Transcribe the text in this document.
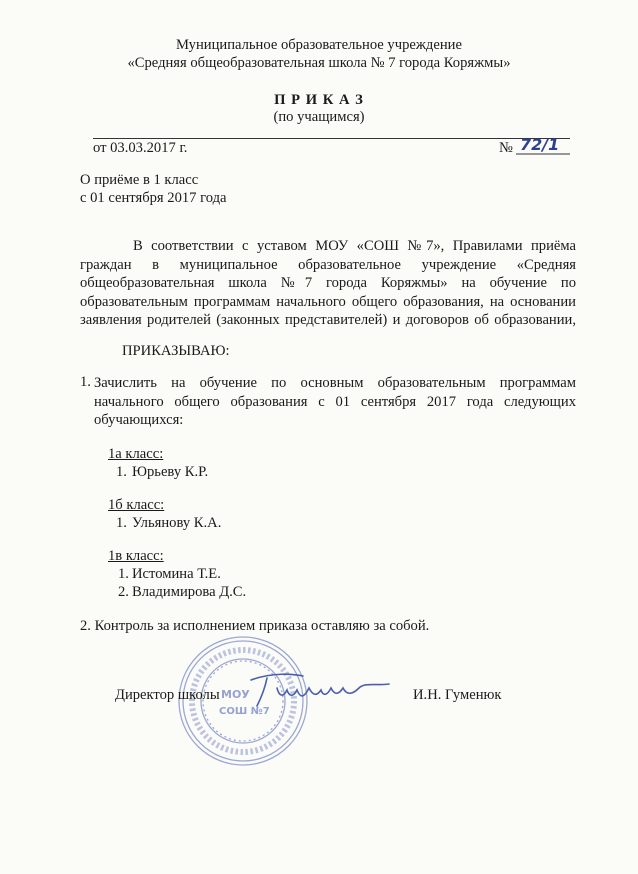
Муниципальное образовательное учреждение
«Средняя общеобразовательная школа № 7 города Коряжмы»
П Р И К А З
(по учащимся)
от 03.03.2017 г.	№ 72/1
О приёме в 1 класс
с 01 сентября 2017 года
В соответствии с уставом МОУ «СОШ №7», Правилами приёма
граждан в муниципальное образовательное учреждение «Средняя
общеобразовательная школа №7 города Коряжмы» на обучение по
образовательным программам начального общего образования, на основании
заявления родителей (законных представителей) и договоров об образовании,
ПРИКАЗЫВАЮ:
1. Зачислить на обучение по основным образовательным программам
начального общего образования с 01 сентября 2017 года следующих
обучающихся:
1а класс:
1. Юрьеву К.Р.
1б класс:
1. Ульянову К.А.
1в класс:
1. Истомина Т.Е.
2. Владимирова Д.С.
2. Контроль за исполнением приказа оставляю за собой.
МОУ
СОШ №7
Директор школы	И.Н. Гуменюк
